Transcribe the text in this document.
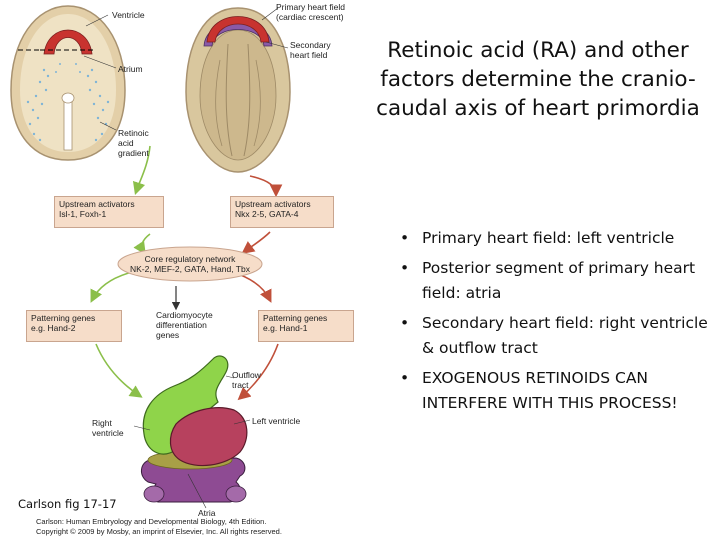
Ventricle
Atrium
Retinoic
acid
gradient
Primary heart field
(cardiac crescent)
Secondary
heart field
Upstream activators
Isl-1, Foxh-1
Upstream activators
Nkx 2-5, GATA-4
Core regulatory network
NK-2, MEF-2, GATA, Hand, Tbx
Patterning genes
e.g. Hand-2
Patterning genes
e.g. Hand-1
Cardiomyocyte
differentiation
genes
Outflow
tract
Right
ventricle
Left ventricle
Atria
Retinoic acid (RA) and other factors determine the cranio-caudal axis of heart primordia
• Primary heart field: left ventricle
• Posterior segment of primary heart field: atria
• Secondary heart field: right ventricle & outflow tract
• EXOGENOUS RETINOIDS CAN INTERFERE WITH THIS PROCESS!
Carlson fig 17-17
Carlson: Human Embryology and Developmental Biology, 4th Edition.
Copyright © 2009 by Mosby, an imprint of Elsevier, Inc. All rights reserved.
